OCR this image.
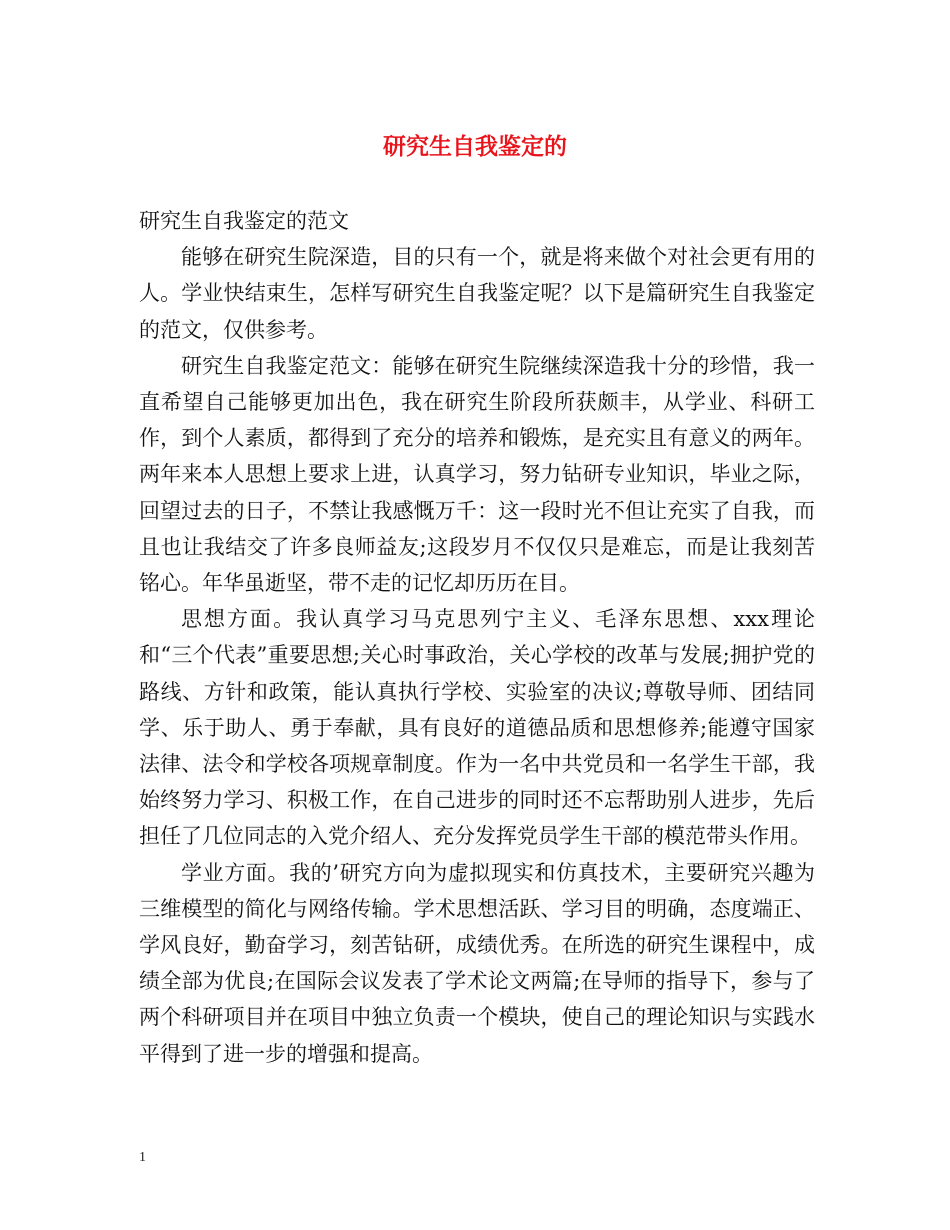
研究生自我鉴定的

研究生自我鉴定的范文

能够在研究生院深造，目的只有一个，就是将来做个对社会更有用的人。学业快结束生，怎样写研究生自我鉴定呢？以下是篇研究生自我鉴定的范文，仅供参考。

研究生自我鉴定范文：能够在研究生院继续深造我十分的珍惜，我一直希望自己能够更加出色，我在研究生阶段所获颇丰，从学业、科研工作，到个人素质，都得到了充分的培养和锻炼，是充实且有意义的两年。两年来本人思想上要求上进，认真学习，努力钻研专业知识，毕业之际，回望过去的日子，不禁让我感慨万千：这一段时光不但让充实了自我，而且也让我结交了许多良师益友;这段岁月不仅仅只是难忘，而是让我刻苦铭心。年华虽逝坚，带不走的记忆却历历在目。

思想方面。我认真学习马克思列宁主义、毛泽东思想、xxx理论和“三个代表”重要思想;关心时事政治，关心学校的改革与发展;拥护党的路线、方针和政策，能认真执行学校、实验室的决议;尊敬导师、团结同学、乐于助人、勇于奉献，具有良好的道德品质和思想修养;能遵守国家法律、法令和学校各项规章制度。作为一名中共党员和一名学生干部，我始终努力学习、积极工作，在自己进步的同时还不忘帮助别人进步，先后担任了几位同志的入党介绍人、充分发挥党员学生干部的模范带头作用。

学业方面。我的’研究方向为虚拟现实和仿真技术，主要研究兴趣为三维模型的简化与网络传输。学术思想活跃、学习目的明确，态度端正、学风良好，勤奋学习，刻苦钻研，成绩优秀。在所选的研究生课程中，成绩全部为优良;在国际会议发表了学术论文两篇;在导师的指导下，参与了两个科研项目并在项目中独立负责一个模块，使自己的理论知识与实践水平得到了进一步的增强和提高。

1
